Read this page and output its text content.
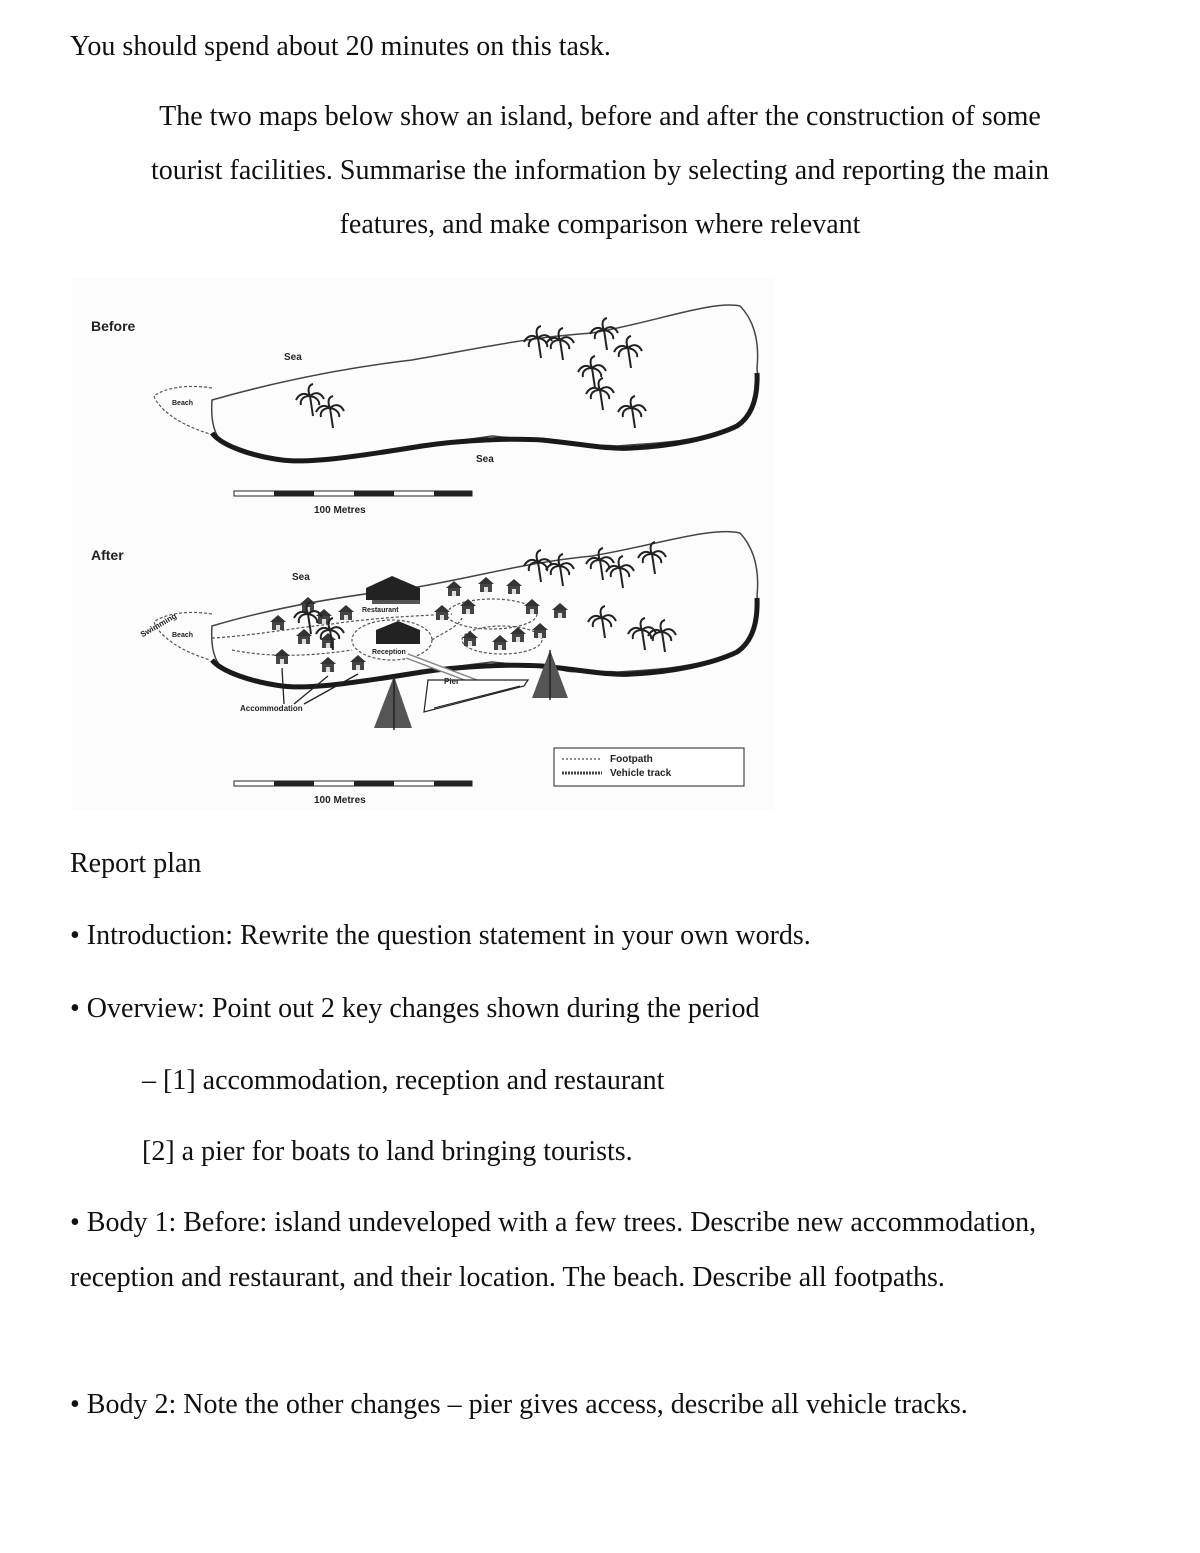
You should spend about 20 minutes on this task.
The two maps below show an island, before and after the construction of some
tourist facilities. Summarise the information by selecting and reporting the main
features, and make comparison where relevant
Before
Beach
Sea
Sea
100 Metres
After
Beach
Swimming
Sea
Restaurant
Reception
Accommodation
Pier
Footpath
Vehicle track
100 Metres
Report plan
• Introduction: Rewrite the question statement in your own words.
• Overview: Point out 2 key changes shown during the period
– [1] accommodation, reception and restaurant
[2] a pier for boats to land bringing tourists.
• Body 1: Before: island undeveloped with a few trees. Describe new accommodation, reception and restaurant, and their location. The beach. Describe all footpaths.
• Body 2: Note the other changes – pier gives access, describe all vehicle tracks.
